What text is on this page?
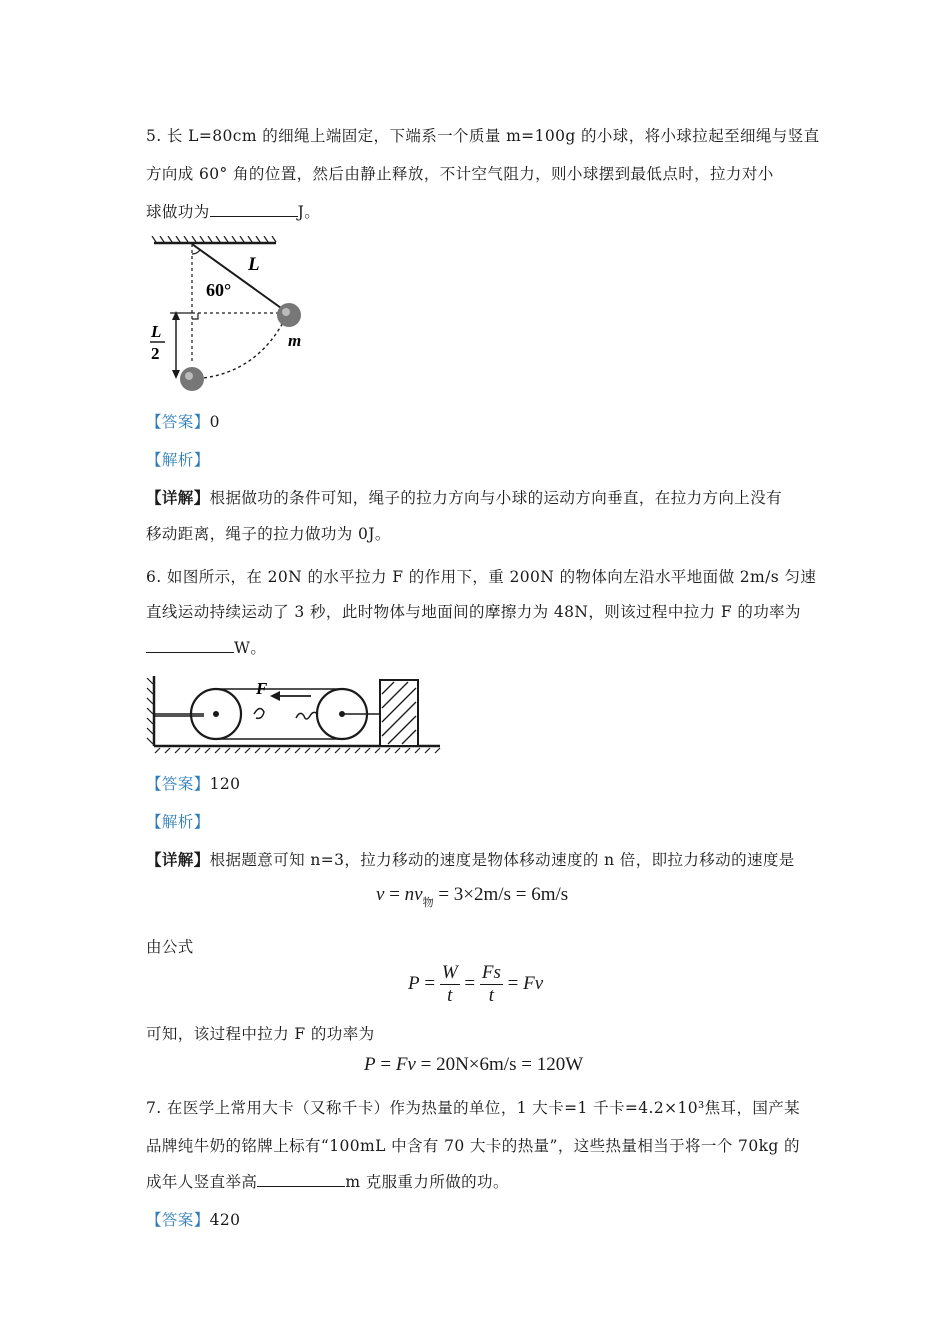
5. 长 L=80cm 的细绳上端固定，下端系一个质量 m=100g 的小球，将小球拉起至细绳与竖直
方向成 60° 角的位置，然后由静止释放，不计空气阻力，则小球摆到最低点时，拉力对小
球做功为	J。
60°
L
m
L
2
【答案】0
【解析】
【详解】根据做功的条件可知，绳子的拉力方向与小球的运动方向垂直，在拉力方向上没有
移动距离，绳子的拉力做功为 0J。
6. 如图所示，在 20N 的水平拉力 F 的作用下，重 200N 的物体向左沿水平地面做 2m/s 匀速
直线运动持续运动了 3 秒，此时物体与地面间的摩擦力为 48N，则该过程中拉力 F 的功率为
W。
F
【答案】120
【解析】
【详解】根据题意可知 n=3，拉力移动的速度是物体移动速度的 n 倍，即拉力移动的速度是
$v = nv_物 = 3\times 2m/s = 6m/s$
由公式
$P = \frac{W}{t} = \frac{Fs}{t} = Fv$
可知，该过程中拉力 F 的功率为
P = Fv = 20N×6m/s = 120W
7. 在医学上常用大卡（又称千卡）作为热量的单位，1 大卡=1 千卡=4.2×10³焦耳，国产某
品牌纯牛奶的铭牌上标有“100mL 中含有 70 大卡的热量”，这些热量相当于将一个 70kg 的
成年人竖直举高	m 克服重力所做的功。
【答案】420
